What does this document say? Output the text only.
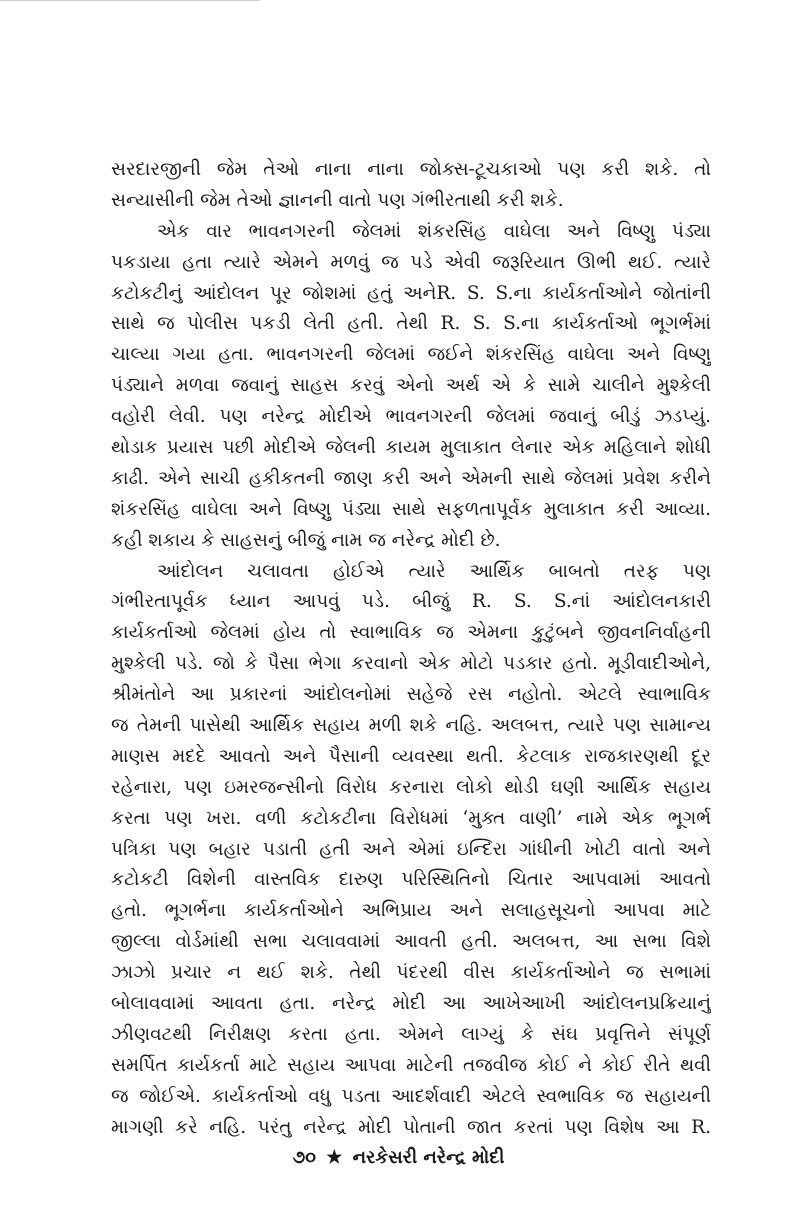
સરદારજીની જેમ તેઓ નાના નાના જોક્સ-ટૂચકાઓ પણ કરી શકે. તો
સન્યાસીની જેમ તેઓ જ્ઞાનની વાતો પણ ગંભીરતાથી કરી શકે.
એક વાર ભાવનગરની જેલમાં શંકરસિંહ વાઘેલા અને વિષ્ણુ પંડ્યા
પકડાયા હતા ત્યારે એમને મળવું જ પડે એવી જરૂરિયાત ઊભી થઈ. ત્યારે
કટોકટીનું આંદોલન પૂર જોશમાં હતું અનેR. S. S.ના કાર્યકર્તાઓને જોતાંની
સાથે જ પોલીસ પકડી લેતી હતી. તેથી R. S. S.ના કાર્યકર્તાઓ ભૂગર્ભમાં
ચાલ્યા ગયા હતા. ભાવનગરની જેલમાં જઈને શંકરસિંહ વાઘેલા અને વિષ્ણુ
પંડ્યાને મળવા જવાનું સાહસ કરવું એનો અર્થ એ કે સામે ચાલીને મુશ્કેલી
વહોરી લેવી. પણ નરેન્દ્ર મોદીએ ભાવનગરની જેલમાં જવાનું બીડું ઝડપ્યું.
થોડાક પ્રયાસ પછી મોદીએ જેલની કાયમ મુલાકાત લેનાર એક મહિલાને શોધી
કાઢી. એને સાચી હકીકતની જાણ કરી અને એમની સાથે જેલમાં પ્રવેશ કરીને
શંકરસિંહ વાઘેલા અને વિષ્ણુ પંડ્યા સાથે સફળતાપૂર્વક મુલાકાત કરી આવ્યા.
કહી શકાય કે સાહસનું બીજું નામ જ નરેન્દ્ર મોદી છે.
આંદોલન ચલાવતા હોઈએ ત્યારે આર્થિક બાબતો તરફ પણ
ગંભીરતાપૂર્વક ધ્યાન આપવું પડે. બીજું R. S. S.નાં આંદોલનકારી
કાર્યકર્તાઓ જેલમાં હોય તો સ્વાભાવિક જ એમના કુટુંબને જીવનનિર્વાહની
મુશ્કેલી પડે. જો કે પૈસા ભેગા કરવાનો એક મોટો પડકાર હતો. મૂડીવાદીઓને,
શ્રીમંતોને આ પ્રકારનાં આંદોલનોમાં સહેજે રસ નહોતો. એટલે સ્વાભાવિક
જ તેમની પાસેથી આર્થિક સહાય મળી શકે નહિ. અલબત્ત, ત્યારે પણ સામાન્ય
માણસ મદદે આવતો અને પૈસાની વ્યવસ્થા થતી. કેટલાક રાજકારણથી દૂર
રહેનારા, પણ ઇમરજન્સીનો વિરોધ કરનારા લોકો થોડી ઘણી આર્થિક સહાય
કરતા પણ ખરા. વળી કટોકટીના વિરોધમાં ‘મુક્ત વાણી’ નામે એક ભૂગર્ભ
પત્રિકા પણ બહાર પડાતી હતી અને એમાં ઇન્દિરા ગાંધીની ખોટી વાતો અને
કટોકટી વિશેની વાસ્તવિક દારુણ પરિસ્થિતિનો ચિતાર આપવામાં આવતો
હતો. ભૂગર્ભના કાર્યકર્તાઓને અભિપ્રાય અને સલાહસૂચનો આપવા માટે
જીલ્લા વોર્ડમાંથી સભા ચલાવવામાં આવતી હતી. અલબત્ત, આ સભા વિશે
ઝાઝો પ્રચાર ન થઈ શકે. તેથી પંદરથી વીસ કાર્યકર્તાઓને જ સભામાં
બોલાવવામાં આવતા હતા. નરેન્દ્ર મોદી આ આખેઆખી આંદોલનપ્રક્રિયાનું
ઝીણવટથી નિરીક્ષણ કરતા હતા. એમને લાગ્યું કે સંઘ પ્રવૃત્તિને સંપૂર્ણ
સમર્પિત કાર્યકર્તા માટે સહાય આપવા માટેની તજવીજ કોઈ ને કોઈ રીતે થવી
જ જોઈએ. કાર્યકર્તાઓ વધુ પડતા આદર્શવાદી એટલે સ્વભાવિક જ સહાયની
માગણી કરે નહિ. પરંતુ નરેન્દ્ર મોદી પોતાની જાત કરતાં પણ વિશેષ આ R.
૭૦ ★ નરકેસરી નરેન્દ્ર મોદી
